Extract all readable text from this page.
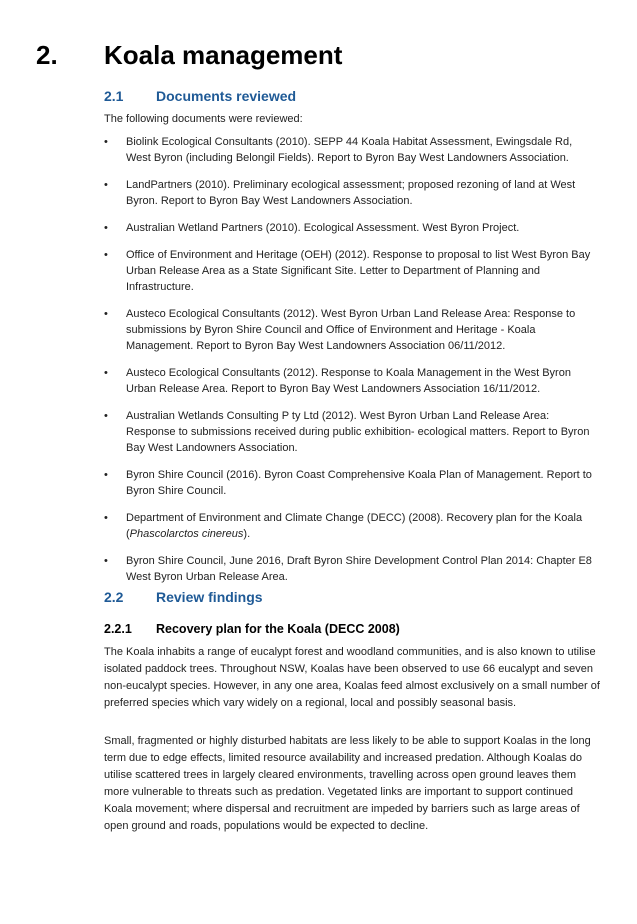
2. Koala management
2.1 Documents reviewed
The following documents were reviewed:
•	Biolink Ecological Consultants (2010). SEPP 44 Koala Habitat Assessment, Ewingsdale Rd, West Byron (including Belongil Fields). Report to Byron Bay West Landowners Association.
•	LandPartners (2010). Preliminary ecological assessment; proposed rezoning of land at West Byron. Report to Byron Bay West Landowners Association.
•	Australian Wetland Partners (2010). Ecological Assessment. West Byron Project.
•	Office of Environment and Heritage (OEH) (2012). Response to proposal to list West Byron Bay Urban Release Area as a State Significant Site. Letter to Department of Planning and Infrastructure.
•	Austeco Ecological Consultants (2012). West Byron Urban Land Release Area: Response to submissions by Byron Shire Council and Office of Environment and Heritage - Koala Management. Report to Byron Bay West Landowners Association 06/11/2012.
•	Austeco Ecological Consultants (2012). Response to Koala Management in the West Byron Urban Release Area. Report to Byron Bay West Landowners Association 16/11/2012.
•	Australian Wetlands Consulting P ty Ltd (2012). West Byron Urban Land Release Area: Response to submissions received during public exhibition- ecological matters. Report to Byron Bay West Landowners Association.
•	Byron Shire Council (2016). Byron Coast Comprehensive Koala Plan of Management. Report to Byron Shire Council.
•	Department of Environment and Climate Change (DECC) (2008). Recovery plan for the Koala (Phascolarctos cinereus).
•	Byron Shire Council, June 2016, Draft Byron Shire Development Control Plan 2014: Chapter E8 West Byron Urban Release Area.
2.2 Review findings
2.2.1 Recovery plan for the Koala (DECC 2008)
The Koala inhabits a range of eucalypt forest and woodland communities, and is also known to utilise isolated paddock trees. Throughout NSW, Koalas have been observed to use 66 eucalypt and seven non-eucalypt species. However, in any one area, Koalas feed almost exclusively on a small number of preferred species which vary widely on a regional, local and possibly seasonal basis.
Small, fragmented or highly disturbed habitats are less likely to be able to support Koalas in the long term due to edge effects, limited resource availability and increased predation. Although Koalas do utilise scattered trees in largely cleared environments, travelling across open ground leaves them more vulnerable to threats such as predation. Vegetated links are important to support continued Koala movement; where dispersal and recruitment are impeded by barriers such as large areas of open ground and roads, populations would be expected to decline.
